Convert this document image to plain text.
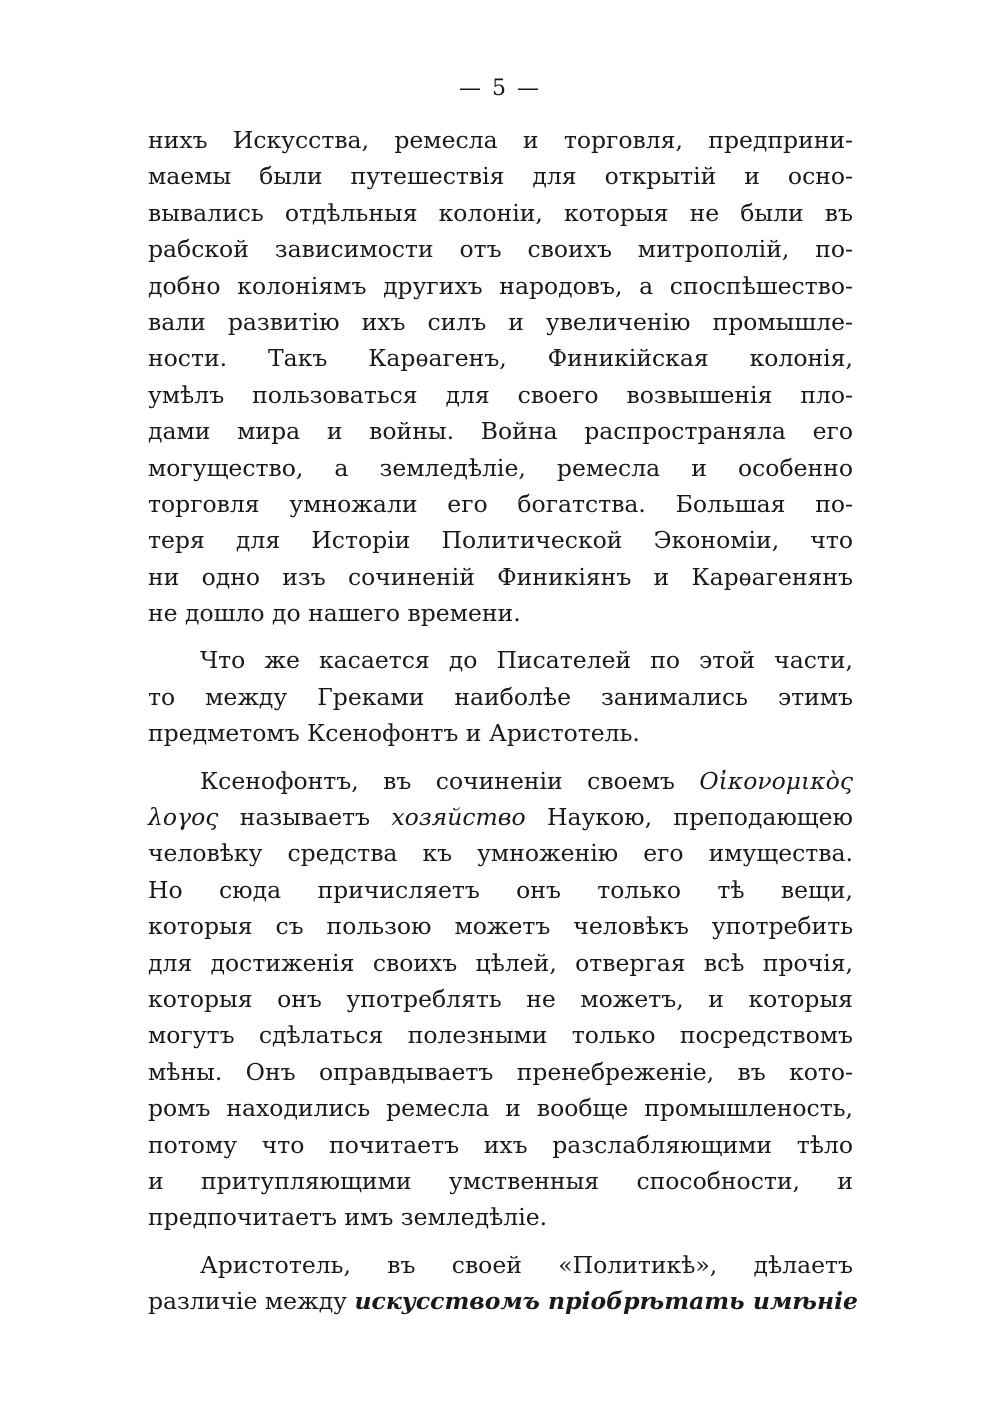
— 5 —
нихъ Искусства, ремесла и торговля, предприни-
маемы были путешествія для открытій и осно-
вывались отдѣльныя колоніи, которыя не были въ
рабской зависимости отъ своихъ митрополій, по-
добно колоніямъ другихъ народовъ, а споспѣшество-
вали развитію ихъ силъ и увеличенію промышле-
ности. Такъ Карѳагенъ, Финикійская колонія,
умѣлъ пользоваться для своего возвышенія пло-
дами мира и войны. Война распространяла его
могущество, а земледѣліе, ремесла и особенно
торговля умножали его богатства. Большая по-
теря для Исторіи Политической Экономіи, что
ни одно изъ сочиненій Финикіянъ и Карѳагенянъ
не дошло до нашего времени.
Что же касается до Писателей по этой части,
то между Греками наиболѣе занимались этимъ
предметомъ Ксенофонтъ и Аристотель.
Ксенофонтъ, въ сочиненіи своемъ Οἰκονομικὸς
λογος называетъ хозяйство Наукою, преподающею
человѣку средства къ умноженію его имущества.
Но сюда причисляетъ онъ только тѣ вещи,
которыя съ пользою можетъ человѣкъ употребить
для достиженія своихъ цѣлей, отвергая всѣ прочія,
которыя онъ употреблять не можетъ, и которыя
могутъ сдѣлаться полезными только посредствомъ
мѣны. Онъ оправдываетъ пренебреженіе, въ кото-
ромъ находились ремесла и вообще промышленость,
потому что почитаетъ ихъ разслабляющими тѣло
и притупляющими умственныя способности, и
предпочитаетъ имъ земледѣліе.
Аристотель, въ своей «Политикѣ», дѣлаетъ
различіе между искусствомъ пріобрѣтать имѣніе
